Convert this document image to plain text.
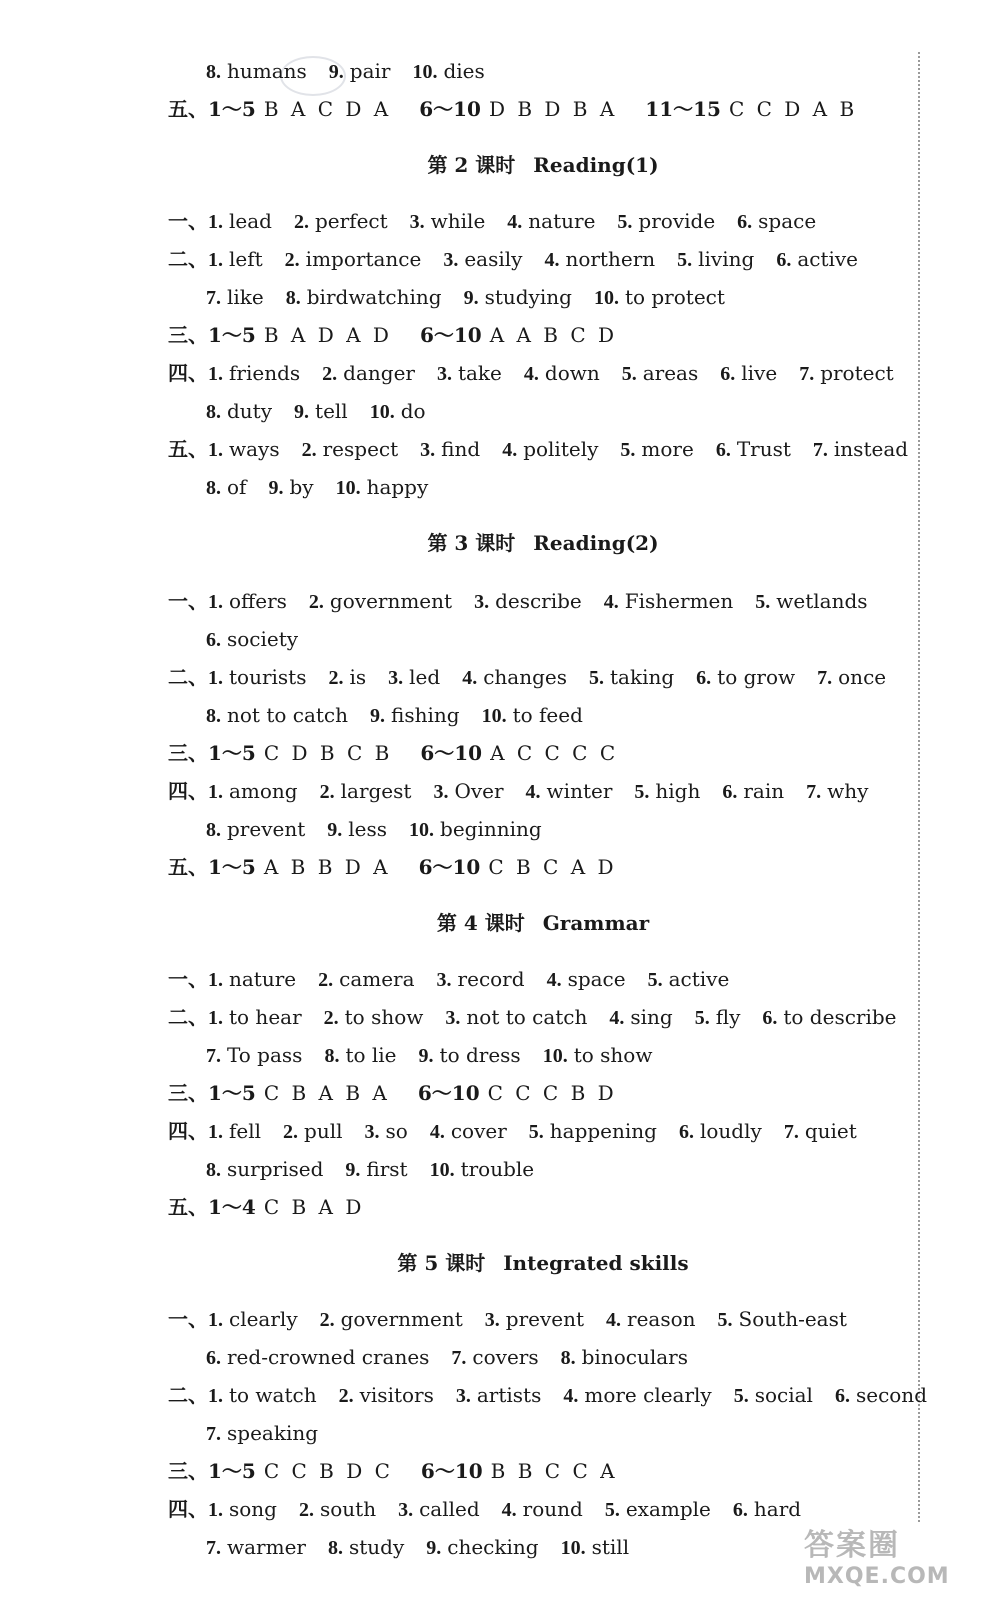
8. humans 9. pair 10. dies
五、1～5 B A C D A 6～10 D B D B A 11～15 C C D A B
第 2 课时 Reading(1)
一、1. lead 2. perfect 3. while 4. nature 5. provide 6. space
二、1. left 2. importance 3. easily 4. northern 5. living 6. active
7. like 8. birdwatching 9. studying 10. to protect
三、1～5 B A D A D 6～10 A A B C D
四、1. friends 2. danger 3. take 4. down 5. areas 6. live 7. protect
8. duty 9. tell 10. do
五、1. ways 2. respect 3. find 4. politely 5. more 6. Trust 7. instead
8. of 9. by 10. happy
第 3 课时 Reading(2)
一、1. offers 2. government 3. describe 4. Fishermen 5. wetlands
6. society
二、1. tourists 2. is 3. led 4. changes 5. taking 6. to grow 7. once
8. not to catch 9. fishing 10. to feed
三、1～5 C D B C B 6～10 A C C C C
四、1. among 2. largest 3. Over 4. winter 5. high 6. rain 7. why
8. prevent 9. less 10. beginning
五、1～5 A B B D A 6～10 C B C A D
第 4 课时 Grammar
一、1. nature 2. camera 3. record 4. space 5. active
二、1. to hear 2. to show 3. not to catch 4. sing 5. fly 6. to describe
7. To pass 8. to lie 9. to dress 10. to show
三、1～5 C B A B A 6～10 C C C B D
四、1. fell 2. pull 3. so 4. cover 5. happening 6. loudly 7. quiet
8. surprised 9. first 10. trouble
五、1～4 C B A D
第 5 课时 Integrated skills
一、1. clearly 2. government 3. prevent 4. reason 5. South-east
6. red-crowned cranes 7. covers 8. binoculars
二、1. to watch 2. visitors 3. artists 4. more clearly 5. social 6. second
7. speaking
三、1～5 C C B D C 6～10 B B C C A
四、1. song 2. south 3. called 4. round 5. example 6. hard
7. warmer 8. study 9. checking 10. still	答案圈
MXQE.COM
